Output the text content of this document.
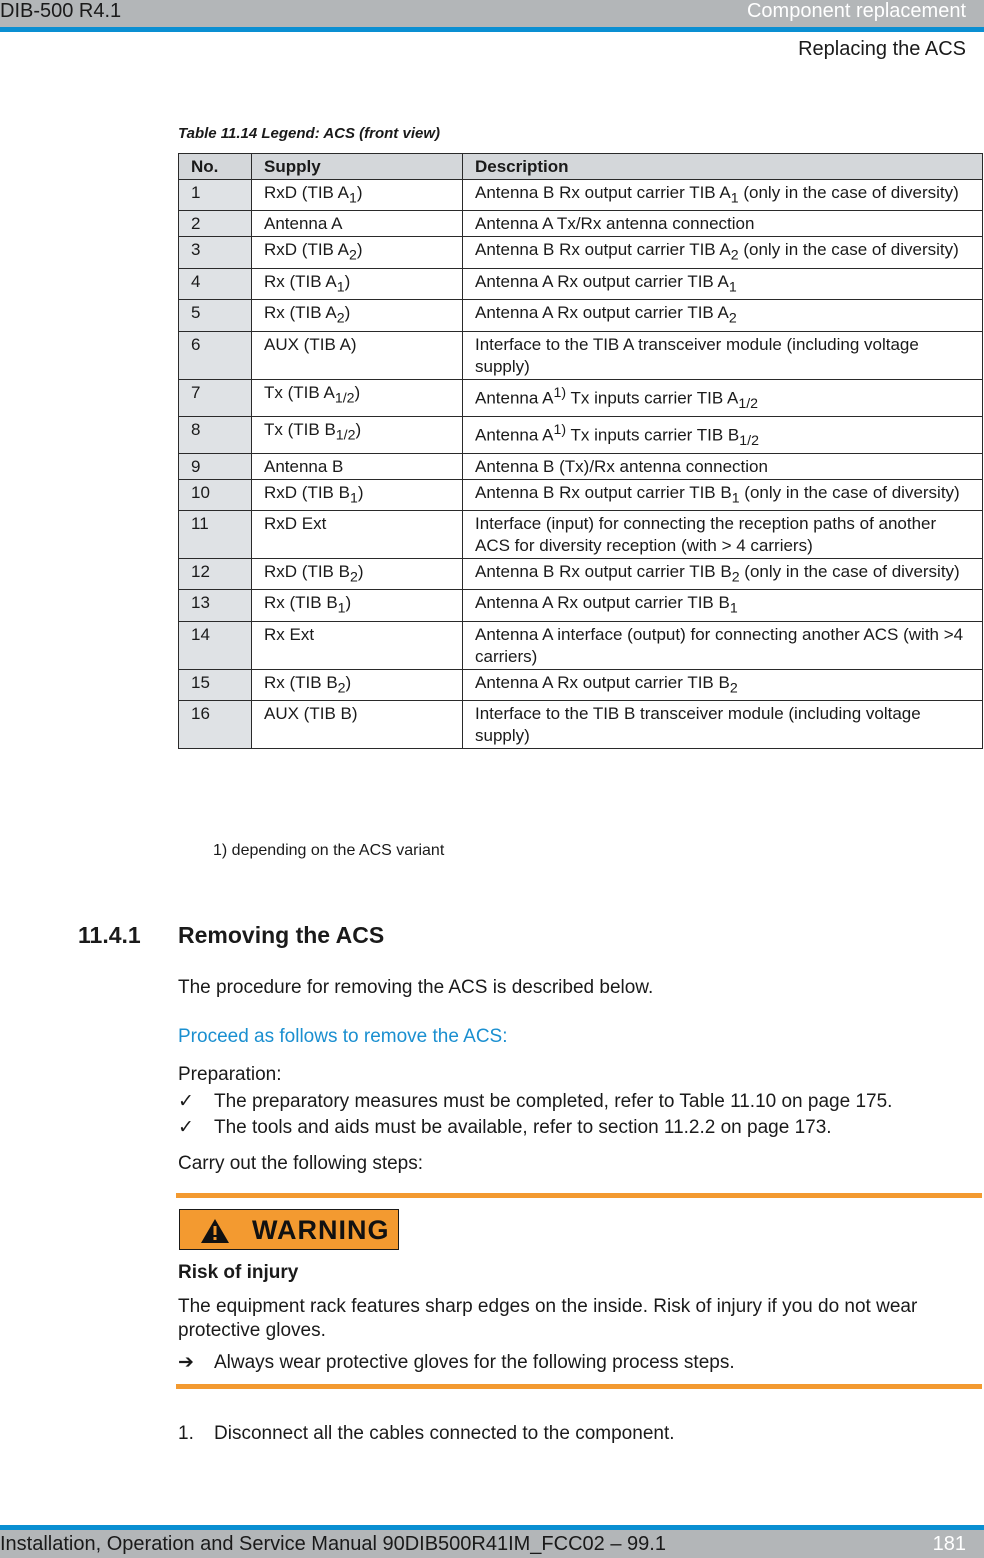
DIB-500 R4.1	Component replacement
Replacing the ACS
Table 11.14 Legend: ACS (front view)
No.	Supply	Description
1	RxD (TIB $A_1$)	Antenna B Rx output carrier TIB $A_1$ (only in the case of diversity)
2	Antenna A	Antenna A Tx/Rx antenna connection
3	RxD (TIB $A_2$)	Antenna B Rx output carrier TIB $A_2$ (only in the case of diversity)
4	Rx (TIB $A_1$)	Antenna A Rx output carrier TIB $A_1$
5	Rx (TIB $A_2$)	Antenna A Rx output carrier TIB $A_2$
6	AUX (TIB A)	Interface to the TIB A transceiver module (including voltage supply)
7	Tx (TIB $A_{1/2}$)	Antenna $A^{1)}$ Tx inputs carrier TIB $A_{1/2}$
8	Tx (TIB $B_{1/2}$)	Antenna $A^{1)}$ Tx inputs carrier TIB $B_{1/2}$
9	Antenna B	Antenna B (Tx)/Rx antenna connection
10	RxD (TIB $B_1$)	Antenna B Rx output carrier TIB $B_1$ (only in the case of diversity)
11	RxD Ext	Interface (input) for connecting the reception paths of another ACS for diversity reception (with > 4 carriers)
12	RxD (TIB $B_2$)	Antenna B Rx output carrier TIB $B_2$ (only in the case of diversity)
13	Rx (TIB $B_1$)	Antenna A Rx output carrier TIB $B_1$
14	Rx Ext	Antenna A interface (output) for connecting another ACS (with >4 carriers)
15	Rx (TIB $B_2$)	Antenna A Rx output carrier TIB $B_2$
16	AUX (TIB B)	Interface to the TIB B transceiver module (including voltage supply)
1) depending on the ACS variant
11.4.1 Removing the ACS
The procedure for removing the ACS is described below.
Proceed as follows to remove the ACS:
Preparation:
✓ The preparatory measures must be completed, refer to Table 11.10 on page 175.
✓ The tools and aids must be available, refer to section 11.2.2 on page 173.
Carry out the following steps:
WARNING
Risk of injury
The equipment rack features sharp edges on the inside. Risk of injury if you do not wear protective gloves.
➔ Always wear protective gloves for the following process steps.
1. Disconnect all the cables connected to the component.
Installation, Operation and Service Manual 90DIB500R41IM_FCC02 – 99.1	181
